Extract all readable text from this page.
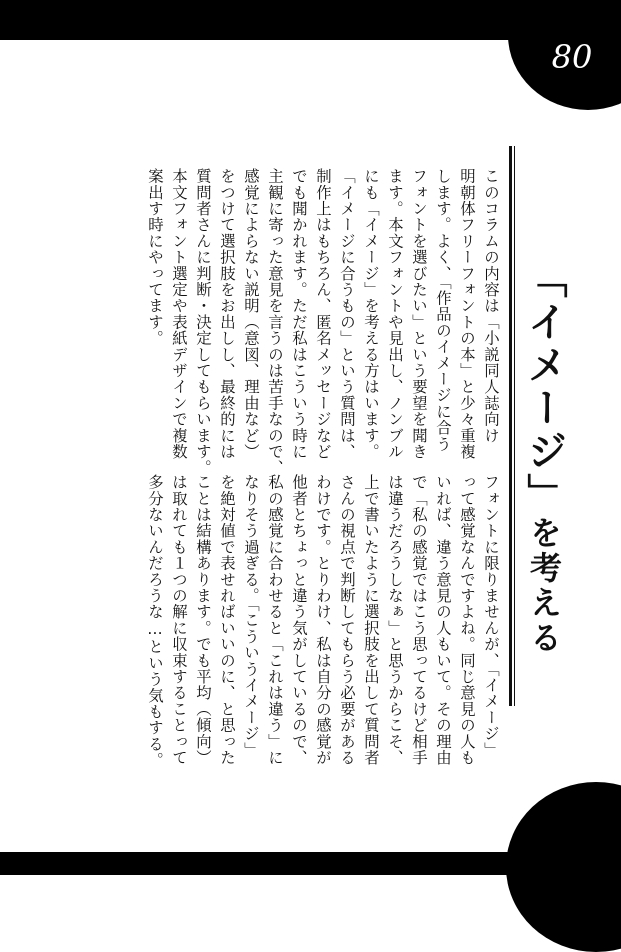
80
「イメージ」を考える
このコラムの内容は「小説同人誌向け
明朝体フリーフォントの本」と少々重複
します。よく、「作品のイメージに合う
フォントを選びたい」という要望を聞き
ます。本文フォントや見出し、ノンブル
にも「イメージ」を考える方はいます。
「イメージに合うもの」という質問は、
制作上はもちろん、匿名メッセージなど
でも聞かれます。ただ私はこういう時に
主観に寄った意見を言うのは苦手なので、
感覚によらない説明（意図、理由など）
をつけて選択肢をお出しし、最終的には
質問者さんに判断・決定してもらいます。
本文フォント選定や表紙デザインで複数
案出す時にやってます。
フォントに限りませんが、「イメージ」
って感覚なんですよね。同じ意見の人も
いれば、違う意見の人もいて。その理由
で「私の感覚ではこう思ってるけど相手
は違うだろうしなぁ」と思うからこそ、
上で書いたように選択肢を出して質問者
さんの視点で判断してもらう必要がある
わけです。とりわけ、私は自分の感覚が
他者とちょっと違う気がしているので、
私の感覚に合わせると「これは違う」に
なりそう過ぎる。「こういうイメージ」
を絶対値で表せればいいのに、と思った
ことは結構あります。でも平均（傾向）
は取れても１つの解に収束することって
多分ないんだろうな…という気もする。
